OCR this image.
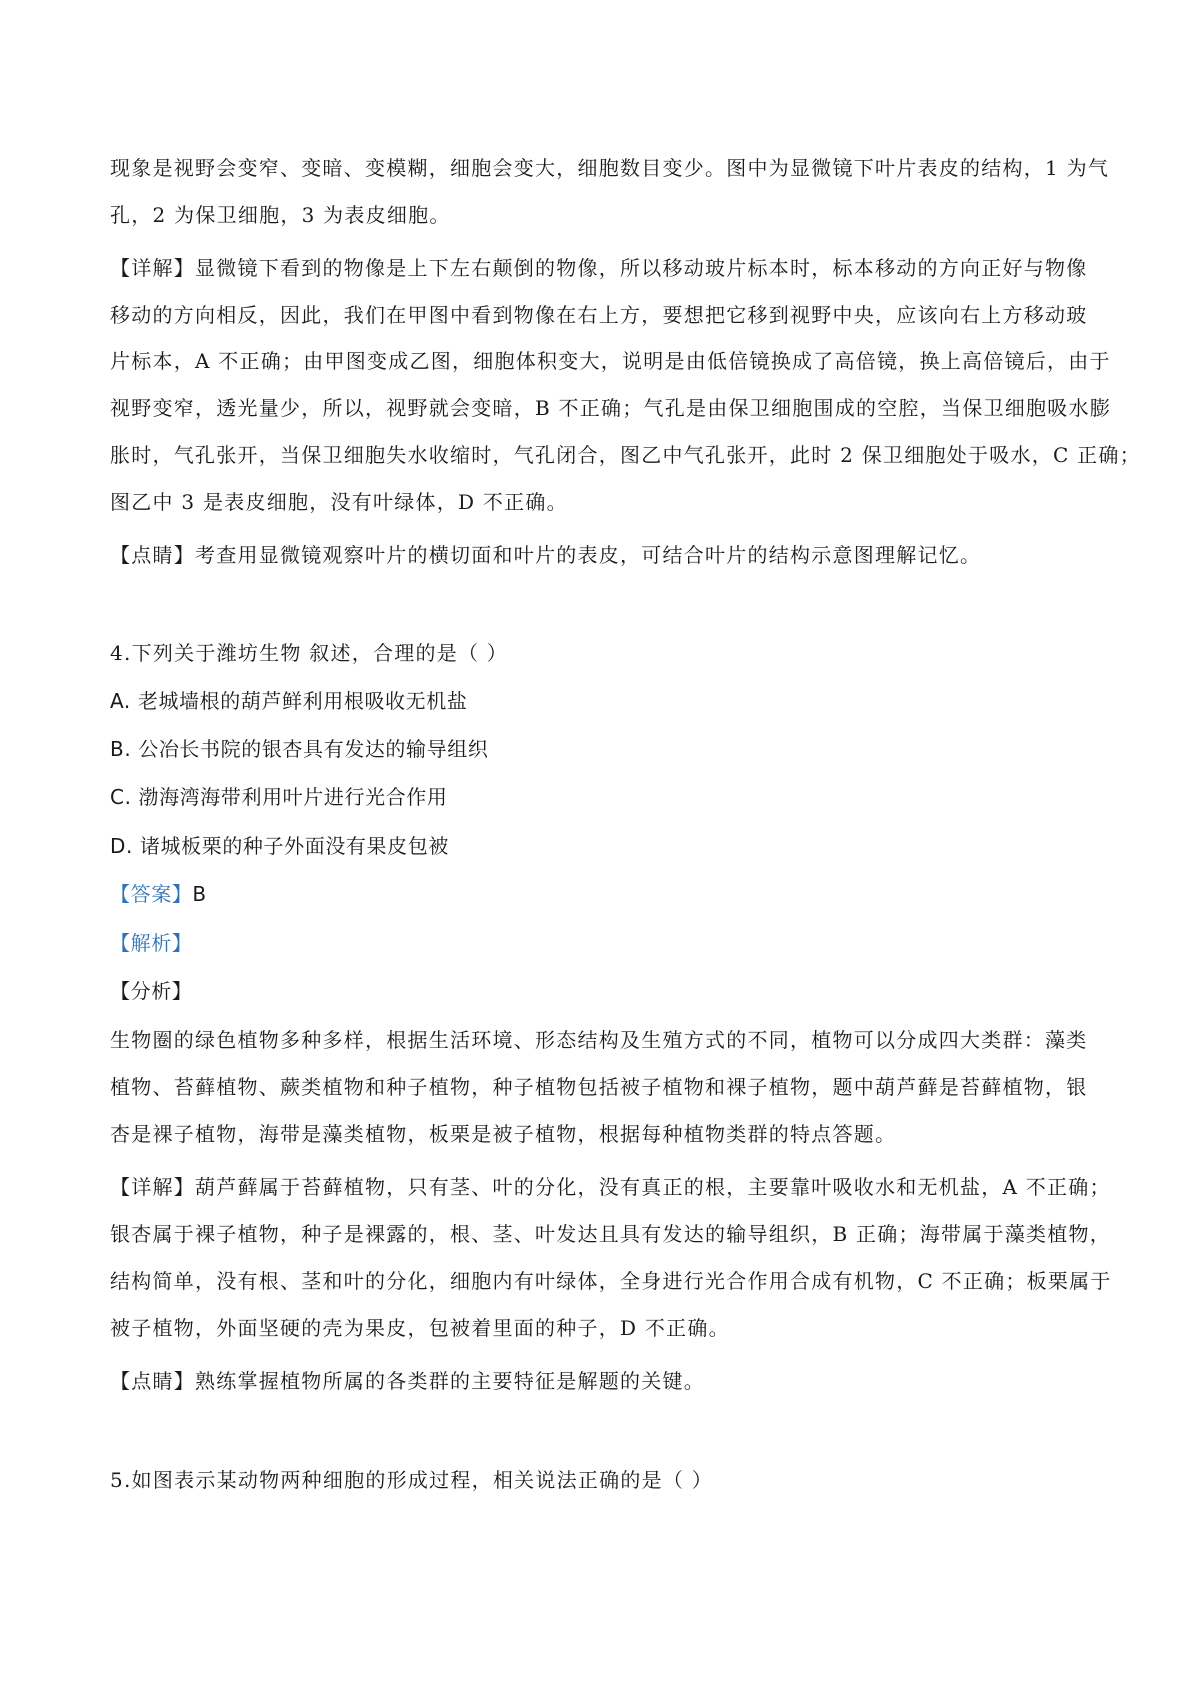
现象是视野会变窄、变暗、变模糊，细胞会变大，细胞数目变少。图中为显微镜下叶片表皮的结构，1 为气
孔，2 为保卫细胞，3 为表皮细胞。
【详解】显微镜下看到的物像是上下左右颠倒的物像，所以移动玻片标本时，标本移动的方向正好与物像
移动的方向相反，因此，我们在甲图中看到物像在右上方，要想把它移到视野中央，应该向右上方移动玻
片标本，A 不正确；由甲图变成乙图，细胞体积变大，说明是由低倍镜换成了高倍镜，换上高倍镜后，由于
视野变窄，透光量少，所以，视野就会变暗，B 不正确；气孔是由保卫细胞围成的空腔，当保卫细胞吸水膨
胀时，气孔张开，当保卫细胞失水收缩时，气孔闭合，图乙中气孔张开，此时 2 保卫细胞处于吸水，C 正确；
图乙中 3 是表皮细胞，没有叶绿体，D 不正确。
【点睛】考查用显微镜观察叶片的横切面和叶片的表皮，可结合叶片的结构示意图理解记忆。
4.下列关于潍坊生物 叙述，合理的是（ ）
A. 老城墙根的葫芦鲜利用根吸收无机盐
B. 公冶长书院的银杏具有发达的输导组织
C. 渤海湾海带利用叶片进行光合作用
D. 诸城板栗的种子外面没有果皮包被
【答案】B
【解析】
【分析】
生物圈的绿色植物多种多样，根据生活环境、形态结构及生殖方式的不同，植物可以分成四大类群：藻类
植物、苔藓植物、蕨类植物和种子植物，种子植物包括被子植物和裸子植物，题中葫芦藓是苔藓植物，银
杏是裸子植物，海带是藻类植物，板栗是被子植物，根据每种植物类群的特点答题。
【详解】葫芦藓属于苔藓植物，只有茎、叶的分化，没有真正的根，主要靠叶吸收水和无机盐，A 不正确；
银杏属于裸子植物，种子是裸露的，根、茎、叶发达且具有发达的输导组织，B 正确；海带属于藻类植物，
结构简单，没有根、茎和叶的分化，细胞内有叶绿体，全身进行光合作用合成有机物，C 不正确；板栗属于
被子植物，外面坚硬的壳为果皮，包被着里面的种子，D 不正确。
【点睛】熟练掌握植物所属的各类群的主要特征是解题的关键。
5.如图表示某动物两种细胞的形成过程，相关说法正确的是（ ）
